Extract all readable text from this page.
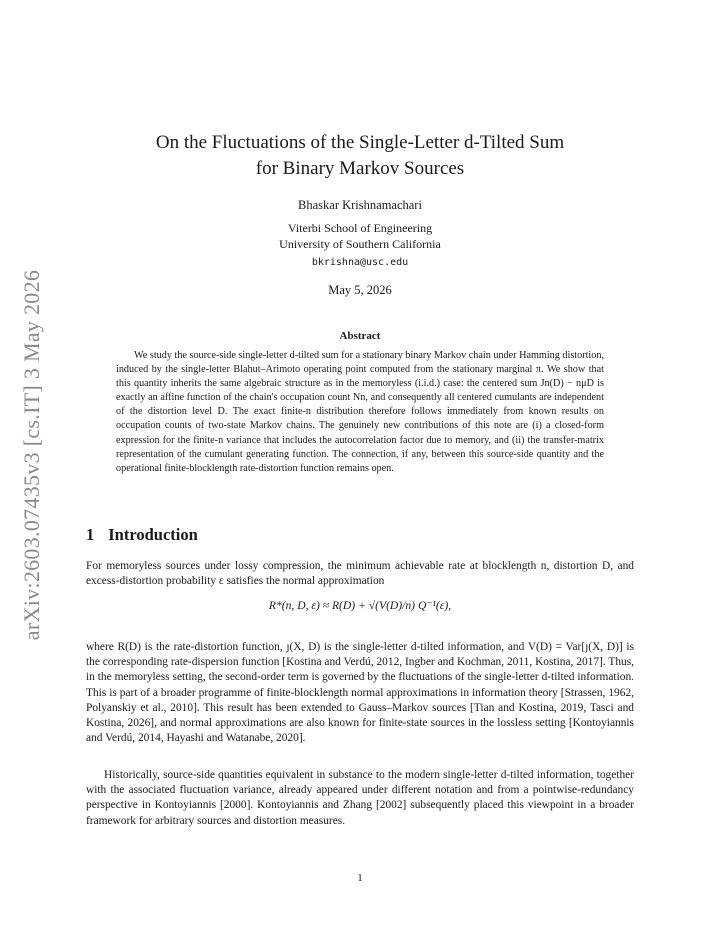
arXiv:2603.07435v3 [cs.IT] 3 May 2026
On the Fluctuations of the Single-Letter d-Tilted Sum
for Binary Markov Sources
Bhaskar Krishnamachari
Viterbi School of Engineering
University of Southern California
bkrishna@usc.edu
May 5, 2026
Abstract

We study the source-side single-letter d-tilted sum for a stationary binary Markov chain under Hamming distortion, induced by the single-letter Blahut–Arimoto operating point computed from the stationary marginal π. We show that this quantity inherits the same algebraic structure as in the memoryless (i.i.d.) case: the centered sum Jn(D) − nμD is exactly an affine function of the chain's occupation count Nn, and consequently all centered cumulants are independent of the distortion level D. The exact finite-n distribution therefore follows immediately from known results on occupation counts of two-state Markov chains. The genuinely new contributions of this note are (i) a closed-form expression for the finite-n variance that includes the autocorrelation factor due to memory, and (ii) the transfer-matrix representation of the cumulant generating function. The connection, if any, between this source-side quantity and the operational finite-blocklength rate-distortion function remains open.

1 Introduction

For memoryless sources under lossy compression, the minimum achievable rate at blocklength n, distortion D, and excess-distortion probability ε satisfies the normal approximation

R*(n, D, ε) ≈ R(D) + √(V(D)/n) Q⁻¹(ε),

where R(D) is the rate-distortion function, ȷ(X, D) is the single-letter d-tilted information, and V(D) = Var[ȷ(X, D)] is the corresponding rate-dispersion function [Kostina and Verdú, 2012, Ingber and Kochman, 2011, Kostina, 2017]. Thus, in the memoryless setting, the second-order term is governed by the fluctuations of the single-letter d-tilted information. This is part of a broader programme of finite-blocklength normal approximations in information theory [Strassen, 1962, Polyanskiy et al., 2010]. This result has been extended to Gauss–Markov sources [Tian and Kostina, 2019, Tasci and Kostina, 2026], and normal approximations are also known for finite-state sources in the lossless setting [Kontoyiannis and Verdú, 2014, Hayashi and Watanabe, 2020].

Historically, source-side quantities equivalent in substance to the modern single-letter d-tilted information, together with the associated fluctuation variance, already appeared under different notation and from a pointwise-redundancy perspective in Kontoyiannis [2000]. Kontoyiannis and Zhang [2002] subsequently placed this viewpoint in a broader framework for arbitrary sources and distortion measures.

1
